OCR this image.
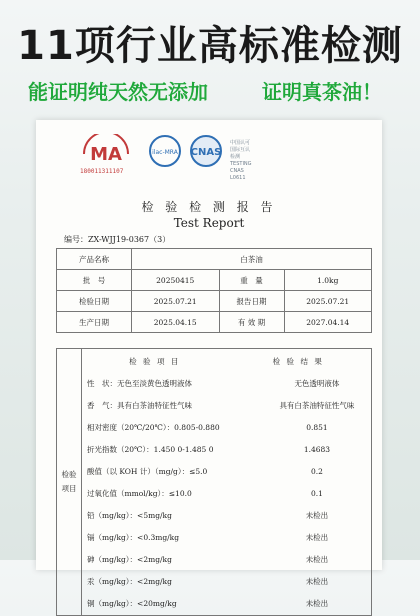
11项行业高标准检测
能证明纯天然无添加	证明真茶油！
MA
180011311107
ilac-MRA CNAS
中国认可
国际互认
检测
TESTING
CNAS L0611
检 验 检 测 报 告
Test Report
编号：ZX-WJJ19-0367（3）
产品名称	白茶油		
批　号	20250415	重　量	1.0kg
检验日期	2025.07.21	报告日期	2025.07.21
生产日期	2025.04.15	有 效 期	2027.04.14
检验项目	
检 验 项 目	检 验 结 果
性　状：无色至淡黄色透明液体	无色透明液体
香　气：具有白茶油特征性气味	具有白茶油特征性气味
相对密度（20℃/20℃）：0.805-0.880	0.851
折光指数（20℃）：1.450 0-1.485 0	1.4683
酸值（以 KOH 计）（mg/g）：≤5.0	0.2
过氧化值（mmol/kg）：≤10.0	0.1
铅（mg/kg）：<5mg/kg	未检出
镉（mg/kg）：<0.3mg/kg	未检出
砷（mg/kg）：<2mg/kg	未检出
汞（mg/kg）：<2mg/kg	未检出
铜（mg/kg）：<20mg/kg	未检出
